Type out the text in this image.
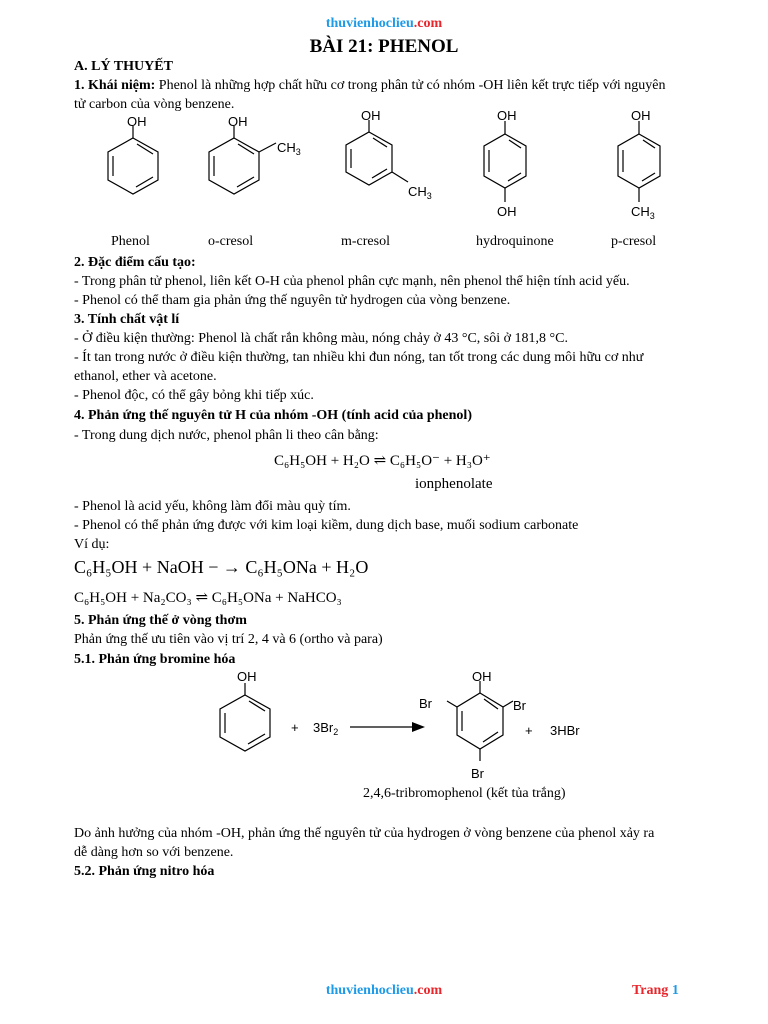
thuvienhoclieu.com
BÀI 21: PHENOL
A. LÝ THUYẾT
1. Khái niệm: Phenol là những hợp chất hữu cơ trong phân tử có nhóm -OH liên kết trực tiếp với nguyên
tử carbon của vòng benzene.
OH	OH
$CH_3$
OH
$CH_3$
OH
OH
OH
$CH_3$
Phenol	o-cresol	m-cresol	hydroquinone	p-cresol
2. Đặc điểm cấu tạo:
- Trong phân tử phenol, liên kết O-H của phenol phân cực mạnh, nên phenol thể hiện tính acid yếu.
- Phenol có thể tham gia phản ứng thế nguyên tử hydrogen của vòng benzene.
3. Tính chất vật lí
- Ở điều kiện thường: Phenol là chất rắn không màu, nóng chảy ở 43 °C, sôi ở 181,8 °C.
- Ít tan trong nước ở điều kiện thường, tan nhiều khi đun nóng, tan tốt trong các dung môi hữu cơ như
ethanol, ether và acetone.
- Phenol độc, có thể gây bỏng khi tiếp xúc.
4. Phản ứng thế nguyên tử H của nhóm -OH (tính acid của phenol)
- Trong dung dịch nước, phenol phân li theo cân bằng:
C₆H₅OH + H₂O ⇌ C₆H₅O⁻ + H₃O⁺
ionphenolate
- Phenol là acid yếu, không làm đổi màu quỳ tím.
- Phenol có thể phản ứng được với kim loại kiềm, dung dịch base, muối sodium carbonate
Ví dụ:
C₆H₅OH + NaOH − → C₆H₅ONa + H₂O
C₆H₅OH + Na₂CO₃ ⇌ C₆H₅ONa + NaHCO₃
5. Phản ứng thế ở vòng thơm
Phản ứng thế ưu tiên vào vị trí 2, 4 và 6 (ortho và para)
5.1. Phản ứng bromine hóa
OH
+ $3Br_2$
OH
Br
Br
Br
+ 3HBr
2,4,6-tribromophenol (kết tủa trắng)
Do ảnh hưởng của nhóm -OH, phản ứng thế nguyên tử của hydrogen ở vòng benzene của phenol xảy ra
dễ dàng hơn so với benzene.
5.2. Phản ứng nitro hóa
thuvienhoclieu.com	Trang 1
